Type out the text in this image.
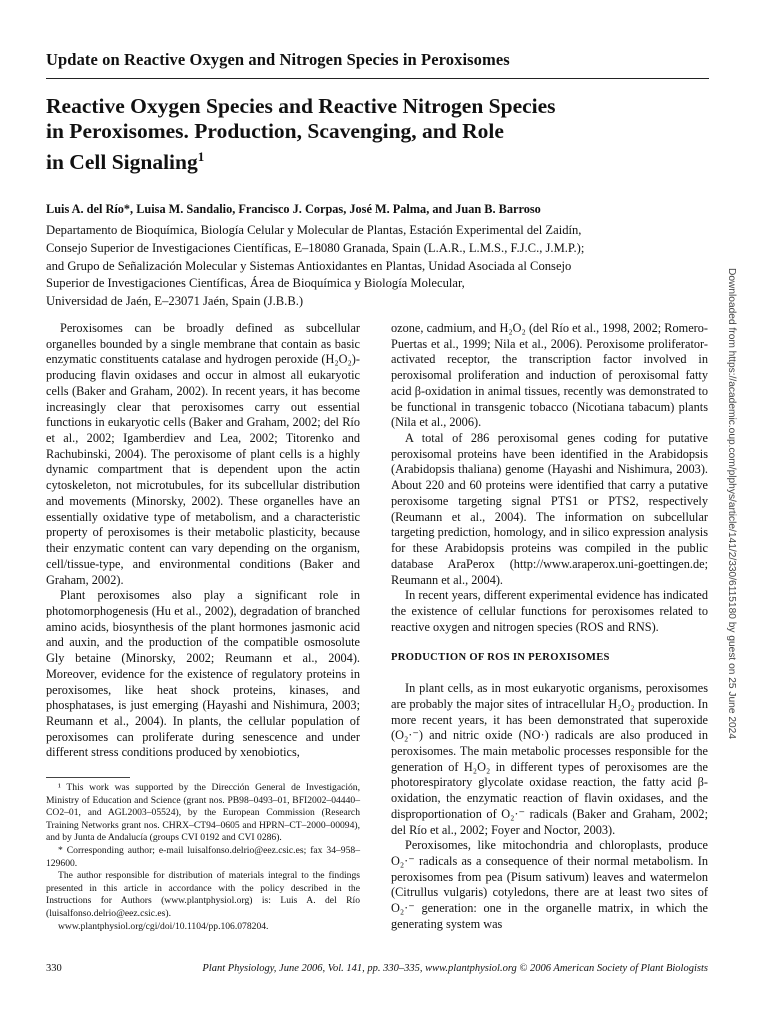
Update on Reactive Oxygen and Nitrogen Species in Peroxisomes
Reactive Oxygen Species and Reactive Nitrogen Species
in Peroxisomes. Production, Scavenging, and Role
in Cell Signaling$^1$
Luis A. del Río*, Luisa M. Sandalio, Francisco J. Corpas, José M. Palma, and Juan B. Barroso
Departamento de Bioquímica, Biología Celular y Molecular de Plantas, Estación Experimental del Zaidín,
Consejo Superior de Investigaciones Científicas, E–18080 Granada, Spain (L.A.R., L.M.S., F.J.C., J.M.P.);
and Grupo de Señalización Molecular y Sistemas Antioxidantes en Plantas, Unidad Asociada al Consejo
Superior de Investigaciones Científicas, Área de Bioquímica y Biología Molecular,
Universidad de Jaén, E–23071 Jaén, Spain (J.B.B.)	Downloaded from https://academic.oup.com/plphys/article/141/2/330/6115180 by guest on 25 June 2024

Peroxisomes can be broadly defined as subcellular organelles bounded by a single membrane that contain as basic enzymatic constituents catalase and hydrogen peroxide (H₂O₂)-producing flavin oxidases and occur in almost all eukaryotic cells (Baker and Graham, 2002). In recent years, it has become increasingly clear that peroxisomes carry out essential functions in eukaryotic cells (Baker and Graham, 2002; del Río et al., 2002; Igamberdiev and Lea, 2002; Titorenko and Rachubinski, 2004). The peroxisome of plant cells is a highly dynamic compartment that is dependent upon the actin cytoskeleton, not microtubules, for its subcellular distribution and movements (Minorsky, 2002). These organelles have an essentially oxidative type of metabolism, and a characteristic property of peroxisomes is their metabolic plasticity, because their enzymatic content can vary depending on the organism, cell/tissue-type, and environmental conditions (Baker and Graham, 2002).

Plant peroxisomes also play a significant role in photomorphogenesis (Hu et al., 2002), degradation of branched amino acids, biosynthesis of the plant hormones jasmonic acid and auxin, and the production of the compatible osmosolute Gly betaine (Minorsky, 2002; Reumann et al., 2004). Moreover, evidence for the existence of regulatory proteins in peroxisomes, like heat shock proteins, kinases, and phosphatases, is just emerging (Hayashi and Nishimura, 2003; Reumann et al., 2004). In plants, the cellular population of peroxisomes can proliferate during senescence and under different stress conditions produced by xenobiotics,

¹ This work was supported by the Dirección General de Investigación, Ministry of Education and Science (grant nos. PB98–0493–01, BFI2002–04440–CO2–01, and AGL2003–05524), by the European Commission (Research Training Networks grant nos. CHRX–CT94–0605 and HPRN–CT–2000–00094), and by Junta de Andalucía (groups CVI 0192 and CVI 0286).

* Corresponding author; e-mail luisalfonso.delrio@eez.csic.es; fax 34–958–129600.

The author responsible for distribution of materials integral to the findings presented in this article in accordance with the policy described in the Instructions for Authors (www.plantphysiol.org) is: Luis A. del Río (luisalfonso.delrio@eez.csic.es).

www.plantphysiol.org/cgi/doi/10.1104/pp.106.078204.

ozone, cadmium, and H₂O₂ (del Río et al., 1998, 2002; Romero-Puertas et al., 1999; Nila et al., 2006). Peroxisome proliferator-activated receptor, the transcription factor involved in peroxisomal proliferation and induction of peroxisomal fatty acid β-oxidation in animal tissues, recently was demonstrated to be functional in transgenic tobacco (Nicotiana tabacum) plants (Nila et al., 2006).

A total of 286 peroxisomal genes coding for putative peroxisomal proteins have been identified in the Arabidopsis (Arabidopsis thaliana) genome (Hayashi and Nishimura, 2003). About 220 and 60 proteins were identified that carry a putative peroxisome targeting signal PTS1 or PTS2, respectively (Reumann et al., 2004). The information on subcellular targeting prediction, homology, and in silico expression analysis for these Arabidopsis proteins was compiled in the public database AraPerox (http://www.araperox.uni-goettingen.de; Reumann et al., 2004).

In recent years, different experimental evidence has indicated the existence of cellular functions for peroxisomes related to reactive oxygen and nitrogen species (ROS and RNS).

PRODUCTION OF ROS IN PEROXISOMES

In plant cells, as in most eukaryotic organisms, peroxisomes are probably the major sites of intracellular H₂O₂ production. In more recent years, it has been demonstrated that superoxide (O₂·⁻) and nitric oxide (NO·) radicals are also produced in peroxisomes. The main metabolic processes responsible for the generation of H₂O₂ in different types of peroxisomes are the photorespiratory glycolate oxidase reaction, the fatty acid β-oxidation, the enzymatic reaction of flavin oxidases, and the disproportionation of O₂·⁻ radicals (Baker and Graham, 2002; del Río et al., 2002; Foyer and Noctor, 2003).

Peroxisomes, like mitochondria and chloroplasts, produce O₂·⁻ radicals as a consequence of their normal metabolism. In peroxisomes from pea (Pisum sativum) leaves and watermelon (Citrullus vulgaris) cotyledons, there are at least two sites of O₂·⁻ generation: one in the organelle matrix, in which the generating system was

330	Plant Physiology, June 2006, Vol. 141, pp. 330–335, www.plantphysiol.org © 2006 American Society of Plant Biologists
